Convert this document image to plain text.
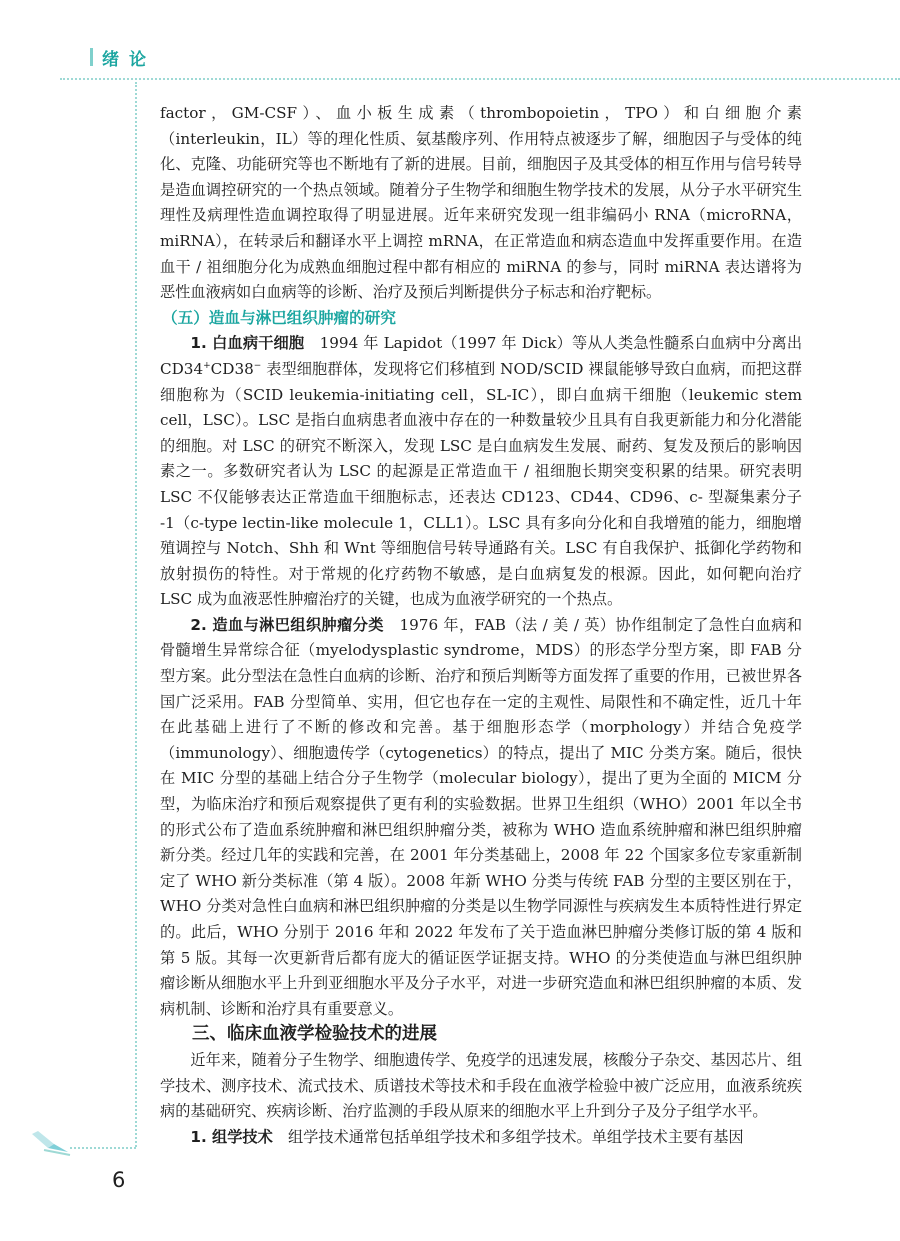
绪论
6

factor，GM-CSF）、血小板生成素（thrombopoietin，TPO）和白细胞介素（interleukin，IL）等的理化性质、氨基酸序列、作用特点被逐步了解，细胞因子与受体的纯化、克隆、功能研究等也不断地有了新的进展。目前，细胞因子及其受体的相互作用与信号转导是造血调控研究的一个热点领域。随着分子生物学和细胞生物学技术的发展，从分子水平研究生理性及病理性造血调控取得了明显进展。近年来研究发现一组非编码小 RNA（microRNA，miRNA），在转录后和翻译水平上调控 mRNA，在正常造血和病态造血中发挥重要作用。在造血干 / 祖细胞分化为成熟血细胞过程中都有相应的 miRNA 的参与，同时 miRNA 表达谱将为恶性血液病如白血病等的诊断、治疗及预后判断提供分子标志和治疗靶标。

（五）造血与淋巴组织肿瘤的研究

1. 白血病干细胞　 1994 年 Lapidot（1997 年 Dick）等从人类急性髓系白血病中分离出 CD34+CD38− 表型细胞群体，发现将它们移植到 NOD/SCID 裸鼠能够导致白血病，而把这群细胞称为（SCID leukemia-initiating cell，SL-IC），即白血病干细胞（leukemic stem cell，LSC）。LSC 是指白血病患者血液中存在的一种数量较少且具有自我更新能力和分化潜能的细胞。对 LSC 的研究不断深入，发现 LSC 是白血病发生发展、耐药、复发及预后的影响因素之一。多数研究者认为 LSC 的起源是正常造血干 / 祖细胞长期突变积累的结果。研究表明 LSC 不仅能够表达正常造血干细胞标志，还表达 CD123、CD44、CD96、c- 型凝集素分子 -1（c-type lectin-like molecule 1，CLL1）。LSC 具有多向分化和自我增殖的能力，细胞增殖调控与 Notch、Shh 和 Wnt 等细胞信号转导通路有关。LSC 有自我保护、抵御化学药物和放射损伤的特性。对于常规的化疗药物不敏感，是白血病复发的根源。因此，如何靶向治疗 LSC 成为血液恶性肿瘤治疗的关键，也成为血液学研究的一个热点。

2. 造血与淋巴组织肿瘤分类　 1976 年，FAB（法 / 美 / 英）协作组制定了急性白血病和骨髓增生异常综合征（myelodysplastic syndrome，MDS）的形态学分型方案，即 FAB 分型方案。此分型法在急性白血病的诊断、治疗和预后判断等方面发挥了重要的作用，已被世界各国广泛采用。FAB 分型简单、实用，但它也存在一定的主观性、局限性和不确定性，近几十年在此基础上进行了不断的修改和完善。基于细胞形态学（morphology）并结合免疫学（immunology）、细胞遗传学（cytogenetics）的特点，提出了 MIC 分类方案。随后，很快在 MIC 分型的基础上结合分子生物学（molecular biology），提出了更为全面的 MICM 分型，为临床治疗和预后观察提供了更有利的实验数据。世界卫生组织（WHO）2001 年以全书的形式公布了造血系统肿瘤和淋巴组织肿瘤分类，被称为 WHO 造血系统肿瘤和淋巴组织肿瘤新分类。经过几年的实践和完善，在 2001 年分类基础上，2008 年 22 个国家多位专家重新制定了 WHO 新分类标准（第 4 版）。2008 年新 WHO 分类与传统 FAB 分型的主要区别在于，WHO 分类对急性白血病和淋巴组织肿瘤的分类是以生物学同源性与疾病发生本质特性进行界定的。此后，WHO 分别于 2016 年和 2022 年发布了关于造血淋巴肿瘤分类修订版的第 4 版和第 5 版。其每一次更新背后都有庞大的循证医学证据支持。WHO 的分类使造血与淋巴组织肿瘤诊断从细胞水平上升到亚细胞水平及分子水平，对进一步研究造血和淋巴组织肿瘤的本质、发病机制、诊断和治疗具有重要意义。

三、临床血液学检验技术的进展

近年来，随着分子生物学、细胞遗传学、免疫学的迅速发展，核酸分子杂交、基因芯片、组学技术、测序技术、流式技术、质谱技术等技术和手段在血液学检验中被广泛应用，血液系统疾病的基础研究、疾病诊断、治疗监测的手段从原来的细胞水平上升到分子及分子组学水平。

1. 组学技术　 组学技术通常包括单组学技术和多组学技术。单组学技术主要有基因
